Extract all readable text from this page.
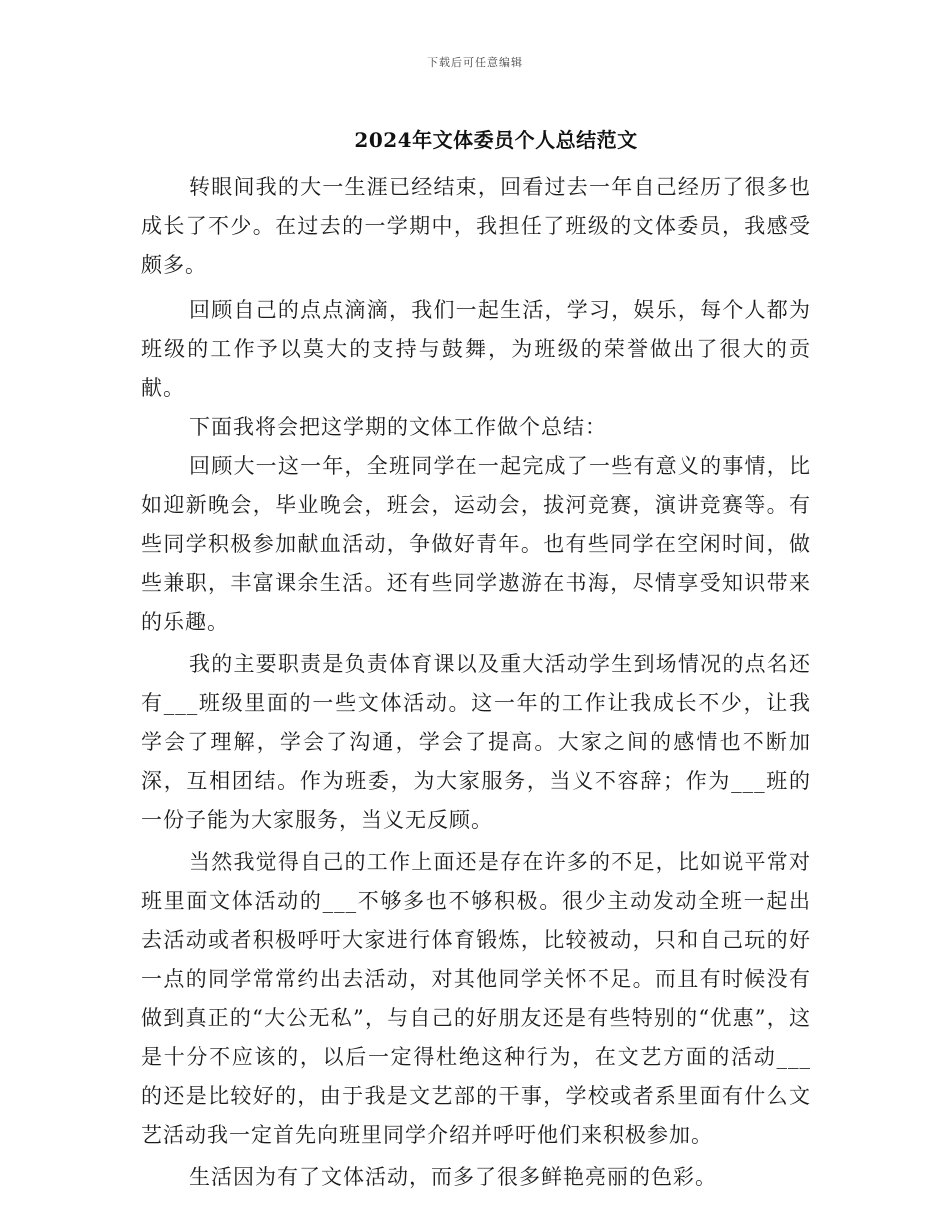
下载后可任意编辑
2024年文体委员个人总结范文

转眼间我的大一生涯已经结束，回看过去一年自己经历了很多也成长了不少。在过去的一学期中，我担任了班级的文体委员，我感受颇多。

回顾自己的点点滴滴，我们一起生活，学习，娱乐，每个人都为班级的工作予以莫大的支持与鼓舞，为班级的荣誉做出了很大的贡献。

下面我将会把这学期的文体工作做个总结：

回顾大一这一年，全班同学在一起完成了一些有意义的事情，比如迎新晚会，毕业晚会，班会，运动会，拔河竞赛，演讲竞赛等。有些同学积极参加献血活动，争做好青年。也有些同学在空闲时间，做些兼职，丰富课余生活。还有些同学遨游在书海，尽情享受知识带来的乐趣。

我的主要职责是负责体育课以及重大活动学生到场情况的点名还有___班级里面的一些文体活动。这一年的工作让我成长不少，让我学会了理解，学会了沟通，学会了提高。大家之间的感情也不断加深，互相团结。作为班委，为大家服务，当义不容辞；作为___班的一份子能为大家服务，当义无反顾。

当然我觉得自己的工作上面还是存在许多的不足，比如说平常对班里面文体活动的___不够多也不够积极。很少主动发动全班一起出去活动或者积极呼吁大家进行体育锻炼，比较被动，只和自己玩的好一点的同学常常约出去活动，对其他同学关怀不足。而且有时候没有做到真正的“大公无私”，与自己的好朋友还是有些特别的“优惠”，这是十分不应该的，以后一定得杜绝这种行为，在文艺方面的活动___的还是比较好的，由于我是文艺部的干事，学校或者系里面有什么文艺活动我一定首先向班里同学介绍并呼吁他们来积极参加。

生活因为有了文体活动，而多了很多鲜艳亮丽的色彩。
